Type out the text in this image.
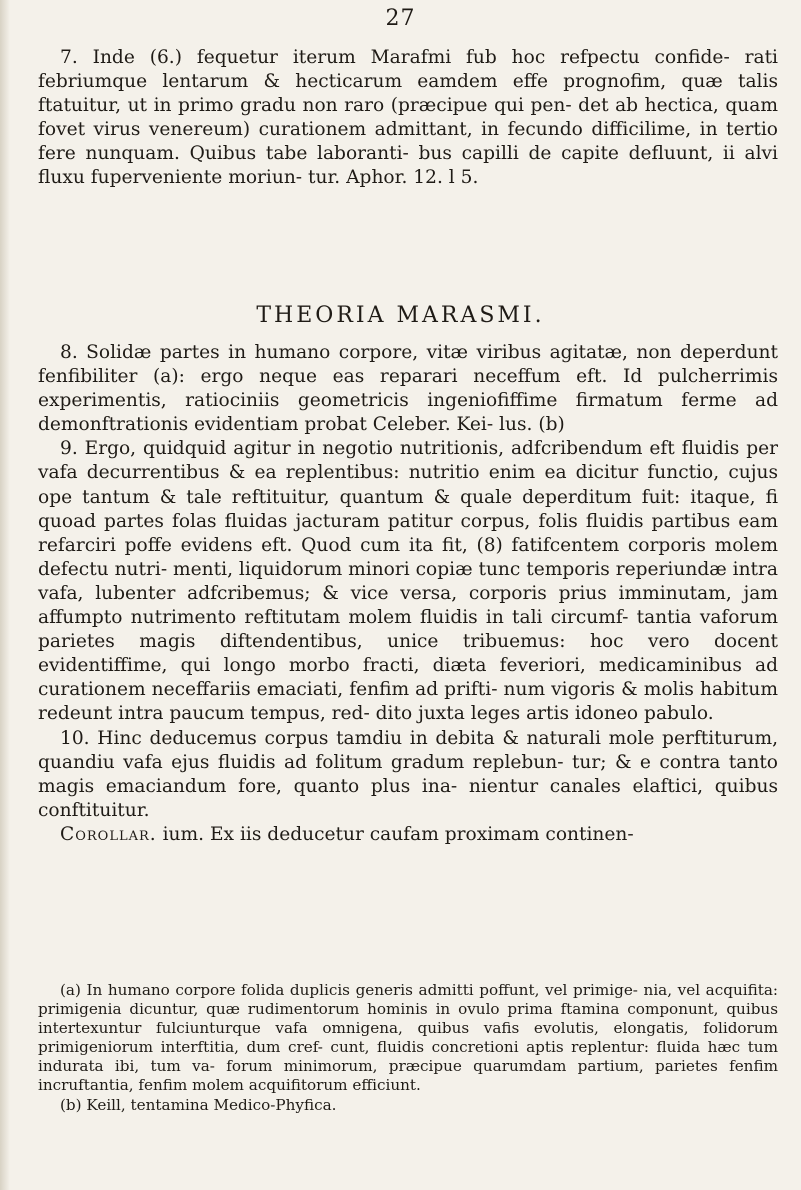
27

7. Inde (6.) fequetur iterum Marafmi fub hoc refpectu confide- rati febriumque lentarum & hecticarum eamdem effe prognofim, quæ talis ftatuitur, ut in primo gradu non raro (præcipue qui pen- det ab hectica, quam fovet virus venereum) curationem admittant, in fecundo difficilime, in tertio fere nunquam. Quibus tabe laboranti- bus capilli de capite defluunt, ii alvi fluxu fuperveniente moriun- tur. Aphor. 12. l 5.

THEORIA MARASMI.

8. Solidæ partes in humano corpore, vitæ viribus agitatæ, non deperdunt fenfibiliter (a): ergo neque eas reparari neceffum eft. Id pulcherrimis experimentis, ratiociniis geometricis ingeniofiffime firmatum ferme ad demonftrationis evidentiam probat Celeber. Kei- lus. (b)

9. Ergo, quidquid agitur in negotio nutritionis, adfcribendum eft fluidis per vafa decurrentibus & ea replentibus: nutritio enim ea dicitur functio, cujus ope tantum & tale reftituitur, quantum & quale deperditum fuit: itaque, fi quoad partes folas fluidas jacturam patitur corpus, folis fluidis partibus eam refarciri poffe evidens eft. Quod cum ita fit, (8) fatifcentem corporis molem defectu nutri- menti, liquidorum minori copiæ tunc temporis reperiundæ intra vafa, lubenter adfcribemus; & vice versa, corporis prius imminutam, jam affumpto nutrimento reftitutam molem fluidis in tali circumf- tantia vaforum parietes magis diftendentibus, unice tribuemus: hoc vero docent evidentiffime, qui longo morbo fracti, diæta feveriori, medicaminibus ad curationem neceffariis emaciati, fenfim ad prifti- num vigoris & molis habitum redeunt intra paucum tempus, red- dito juxta leges artis idoneo pabulo.

10. Hinc deducemus corpus tamdiu in debita & naturali mole perftiturum, quandiu vafa ejus fluidis ad folitum gradum replebun- tur; & e contra tanto magis emaciandum fore, quanto plus ina- nientur canales elaftici, quibus conftituitur.

Corollar. ium. Ex iis deducetur caufam proximam continen-

(a) In humano corpore folida duplicis generis admitti poffunt, vel primige- nia, vel acquifita: primigenia dicuntur, quæ rudimentorum hominis in ovulo prima ftamina componunt, quibus intertexuntur fulciunturque vafa omnigena, quibus vafis evolutis, elongatis, folidorum primigeniorum interftitia, dum cref- cunt, fluidis concretioni aptis replentur: fluida hæc tum indurata ibi, tum va- forum minimorum, præcipue quarumdam partium, parietes fenfim incruftantia, fenfim molem acquifitorum efficiunt.

(b) Keill, tentamina Medico-Phyfica.
